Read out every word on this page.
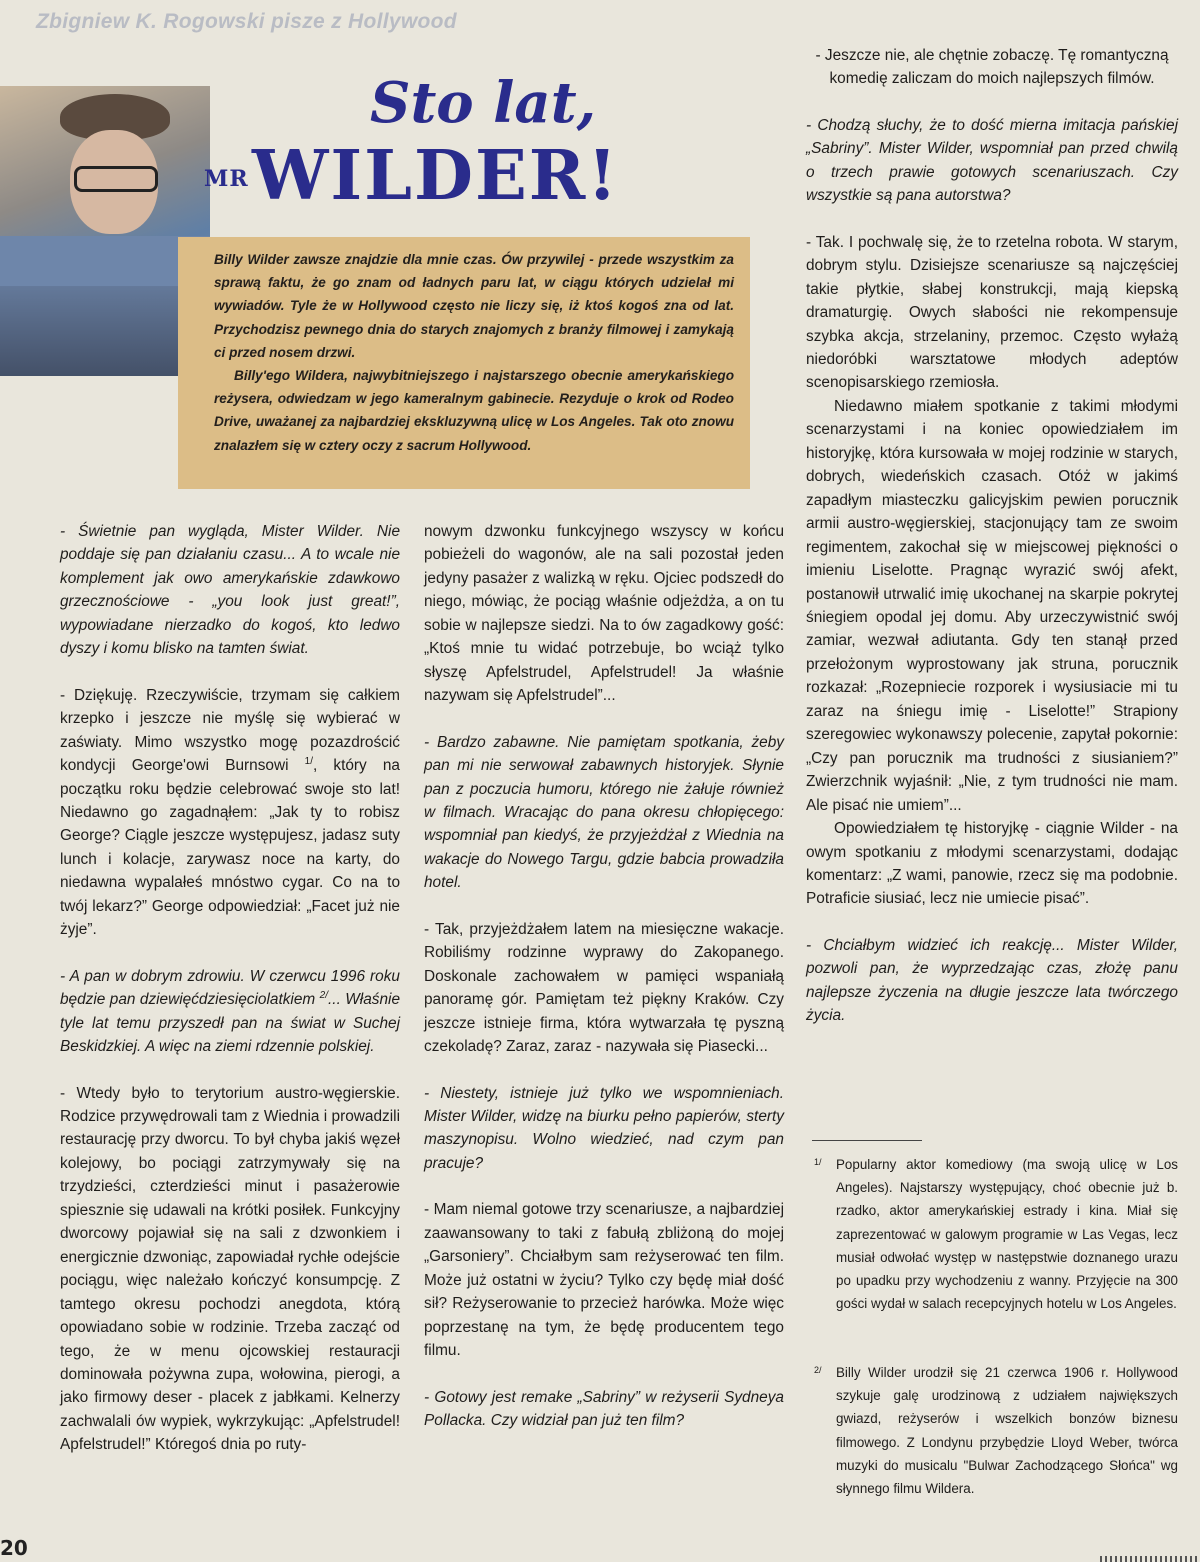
Zbigniew K. Rogowski pisze z Hollywood
Sto lat,
MR WILDER!

Billy Wilder zawsze znajdzie dla mnie czas. Ów przywilej - przede wszystkim za sprawą faktu, że go znam od ładnych paru lat, w ciągu których udzielał mi wywiadów. Tyle że w Hollywood często nie liczy się, iż ktoś kogoś zna od lat. Przychodzisz pewnego dnia do starych znajomych z branży filmowej i zamykają ci przed nosem drzwi.

Billy'ego Wildera, najwybitniejszego i najstarszego obecnie amerykańskiego reżysera, odwiedzam w jego kameralnym gabinecie. Rezyduje o krok od Rodeo Drive, uważanej za najbardziej ekskluzywną ulicę w Los Angeles. Tak oto znowu znalazłem się w cztery oczy z sacrum Hollywood.

- Świetnie pan wygląda, Mister Wilder. Nie poddaje się pan działaniu czasu... A to wcale nie komplement jak owo amerykańskie zdawkowo grzecznościowe - „you look just great!”, wypowiadane nierzadko do kogoś, kto ledwo dyszy i komu blisko na tamten świat.

- Dziękuję. Rzeczywiście, trzymam się całkiem krzepko i jeszcze nie myślę się wybierać w zaświaty. Mimo wszystko mogę pozazdrościć kondycji George'owi Burnsowi $^{1/}$, który na początku roku będzie celebrować swoje sto lat! Niedawno go zagadnąłem: „Jak ty to robisz George? Ciągle jeszcze występujesz, jadasz suty lunch i kolacje, zarywasz noce na karty, do niedawna wypalałeś mnóstwo cygar. Co na to twój lekarz?” George odpowiedział: „Facet już nie żyje”.

- A pan w dobrym zdrowiu. W czerwcu 1996 roku będzie pan dziewięćdziesięciolatkiem $^{2/}$... Właśnie tyle lat temu przyszedł pan na świat w Suchej Beskidzkiej. A więc na ziemi rdzennie polskiej.

- Wtedy było to terytorium austro-węgierskie. Rodzice przywędrowali tam z Wiednia i prowadzili restaurację przy dworcu. To był chyba jakiś węzeł kolejowy, bo pociągi zatrzymywały się na trzydzieści, czterdzieści minut i pasażerowie spiesznie się udawali na krótki posiłek. Funkcyjny dworcowy pojawiał się na sali z dzwonkiem i energicznie dzwoniąc, zapowiadał rychłe odejście pociągu, więc należało kończyć konsumpcję. Z tamtego okresu pochodzi anegdota, którą opowiadano sobie w rodzinie. Trzeba zacząć od tego, że w menu ojcowskiej restauracji dominowała pożywna zupa, wołowina, pierogi, a jako firmowy deser - placek z jabłkami. Kelnerzy zachwalali ów wypiek, wykrzykując: „Apfelstrudel! Apfelstrudel!” Któregoś dnia po ruty-

nowym dzwonku funkcyjnego wszyscy w końcu pobieżeli do wagonów, ale na sali pozostał jeden jedyny pasażer z walizką w ręku. Ojciec podszedł do niego, mówiąc, że pociąg właśnie odjeżdża, a on tu sobie w najlepsze siedzi. Na to ów zagadkowy gość: „Ktoś mnie tu widać potrzebuje, bo wciąż tylko słyszę Apfelstrudel, Apfelstrudel! Ja właśnie nazywam się Apfelstrudel”...

- Bardzo zabawne. Nie pamiętam spotkania, żeby pan mi nie serwował zabawnych historyjek. Słynie pan z poczucia humoru, którego nie żałuje również w filmach. Wracając do pana okresu chłopięcego: wspomniał pan kiedyś, że przyjeżdżał z Wiednia na wakacje do Nowego Targu, gdzie babcia prowadziła hotel.

- Tak, przyjeżdżałem latem na miesięczne wakacje. Robiliśmy rodzinne wyprawy do Zakopanego. Doskonale zachowałem w pamięci wspaniałą panoramę gór. Pamiętam też piękny Kraków. Czy jeszcze istnieje firma, która wytwarzała tę pyszną czekoladę? Zaraz, zaraz - nazywała się Piasecki...

- Niestety, istnieje już tylko we wspomnieniach. Mister Wilder, widzę na biurku pełno papierów, sterty maszynopisu. Wolno wiedzieć, nad czym pan pracuje?

- Mam niemal gotowe trzy scenariusze, a najbardziej zaawansowany to taki z fabułą zbliżoną do mojej „Garsoniery”. Chciałbym sam reżyserować ten film. Może już ostatni w życiu? Tylko czy będę miał dość sił? Reżyserowanie to przecież harówka. Może więc poprzestanę na tym, że będę producentem tego filmu.

- Gotowy jest remake „Sabriny” w reżyserii Sydneya Pollacka. Czy widział pan już ten film?

- Jeszcze nie, ale chętnie zobaczę. Tę romantyczną komedię zaliczam do moich najlepszych filmów.

- Chodzą słuchy, że to dość mierna imitacja pańskiej „Sabriny”. Mister Wilder, wspomniał pan przed chwilą o trzech prawie gotowych scenariuszach. Czy wszystkie są pana autorstwa?

- Tak. I pochwalę się, że to rzetelna robota. W starym, dobrym stylu. Dzisiejsze scenariusze są najczęściej takie płytkie, słabej konstrukcji, mają kiepską dramaturgię. Owych słabości nie rekompensuje szybka akcja, strzelaniny, przemoc. Często wyłażą niedoróbki warsztatowe młodych adeptów scenopisarskiego rzemiosła.

Niedawno miałem spotkanie z takimi młodymi scenarzystami i na koniec opowiedziałem im historyjkę, która kursowała w mojej rodzinie w starych, dobrych, wiedeńskich czasach. Otóż w jakimś zapadłym miasteczku galicyjskim pewien porucznik armii austro-węgierskiej, stacjonujący tam ze swoim regimentem, zakochał się w miejscowej piękności o imieniu Liselotte. Pragnąc wyrazić swój afekt, postanowił utrwalić imię ukochanej na skarpie pokrytej śniegiem opodal jej domu. Aby urzeczywistnić swój zamiar, wezwał adiutanta. Gdy ten stanął przed przełożonym wyprostowany jak struna, porucznik rozkazał: „Rozepniecie rozporek i wysiusiacie mi tu zaraz na śniegu imię - Liselotte!” Strapiony szeregowiec wykonawszy polecenie, zapytał pokornie: „Czy pan porucznik ma trudności z siusianiem?” Zwierzchnik wyjaśnił: „Nie, z tym trudności nie mam. Ale pisać nie umiem”...

Opowiedziałem tę historyjkę - ciągnie Wilder - na owym spotkaniu z młodymi scenarzystami, dodając komentarz: „Z wami, panowie, rzecz się ma podobnie. Potraficie siusiać, lecz nie umiecie pisać”.

- Chciałbym widzieć ich reakcję... Mister Wilder, pozwoli pan, że wyprzedzając czas, złożę panu najlepsze życzenia na długie jeszcze lata twórczego życia.

1/ Popularny aktor komediowy (ma swoją ulicę w Los Angeles). Najstarszy występujący, choć obecnie już b. rzadko, aktor amerykańskiej estrady i kina. Miał się zaprezentować w galowym programie w Las Vegas, lecz musiał odwołać występ w następstwie doznanego urazu po upadku przy wychodzeniu z wanny. Przyjęcie na 300 gości wydał w salach recepcyjnych hotelu w Los Angeles.
2/ Billy Wilder urodził się 21 czerwca 1906 r. Hollywood szykuje galę urodzinową z udziałem największych gwiazd, reżyserów i wszelkich bonzów biznesu filmowego. Z Londynu przybędzie Lloyd Weber, twórca muzyki do musicalu "Bulwar Zachodzącego Słońca" wg słynnego filmu Wildera.
20
